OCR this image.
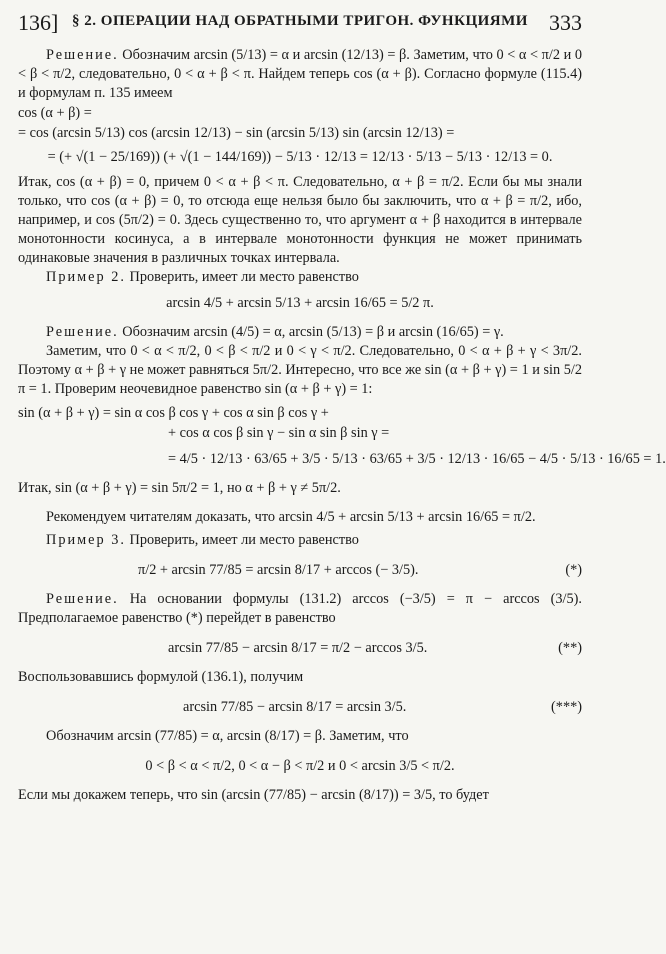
136] § 2. ОПЕРАЦИИ НАД ОБРАТНЫМИ ТРИГОН. ФУНКЦИЯМИ 333

Решение. Обозначим arcsin (5/13) = α и arcsin (12/13) = β. Заметим, что 0 < α < π/2 и 0 < β < π/2, следовательно, 0 < α + β < π. Найдем теперь cos (α + β). Согласно формуле (115.4) и формулам п. 135 имеем

cos (α + β) =
= cos (arcsin 5/13) cos (arcsin 12/13) − sin (arcsin 5/13) sin (arcsin 12/13) =
= (+ √(1 − 25/169)) (+ √(1 − 144/169)) − 5/13 · 12/13 = 12/13 · 5/13 − 5/13 · 12/13 = 0.

Итак, cos (α + β) = 0, причем 0 < α + β < π. Следовательно, α + β = π/2. Если бы мы знали только, что cos (α + β) = 0, то отсюда еще нельзя было бы заключить, что α + β = π/2, ибо, например, и cos (5π/2) = 0. Здесь существенно то, что аргумент α + β находится в интервале монотонности косинуса, а в интервале монотонности функция не может принимать одинаковые значения в различных точках интервала.

Пример 2. Проверить, имеет ли место равенство

arcsin 4/5 + arcsin 5/13 + arcsin 16/65 = 5/2 π.

Решение. Обозначим arcsin (4/5) = α, arcsin (5/13) = β и arcsin (16/65) = γ.

Заметим, что 0 < α < π/2, 0 < β < π/2 и 0 < γ < π/2. Следовательно, 0 < α + β + γ < 3π/2. Поэтому α + β + γ не может равняться 5π/2. Интересно, что все же sin (α + β + γ) = 1 и sin 5/2 π = 1. Проверим неочевидное равенство sin (α + β + γ) = 1:

sin (α + β + γ) = sin α cos β cos γ + cos α sin β cos γ +
+ cos α cos β sin γ − sin α sin β sin γ =
= 4/5 · 12/13 · 63/65 + 3/5 · 5/13 · 63/65 + 3/5 · 12/13 · 16/65 − 4/5 · 5/13 · 16/65 = 1.

Итак, sin (α + β + γ) = sin 5π/2 = 1, но α + β + γ ≠ 5π/2.

Рекомендуем читателям доказать, что arcsin 4/5 + arcsin 5/13 + arcsin 16/65 = π/2.

Пример 3. Проверить, имеет ли место равенство

π/2 + arcsin 77/85 = arcsin 8/17 + arccos (− 3/5).	(*)

Решение. На основании формулы (131.2) arccos (−3/5) = π − arccos (3/5). Предполагаемое равенство (*) перейдет в равенство

arcsin 77/85 − arcsin 8/17 = π/2 − arccos 3/5.	(**)

Воспользовавшись формулой (136.1), получим

arcsin 77/85 − arcsin 8/17 = arcsin 3/5.	(***)

Обозначим arcsin (77/85) = α, arcsin (8/17) = β. Заметим, что

0 < β < α < π/2, 0 < α − β < π/2 и 0 < arcsin 3/5 < π/2.

Если мы докажем теперь, что sin (arcsin (77/85) − arcsin (8/17)) = 3/5, то будет
